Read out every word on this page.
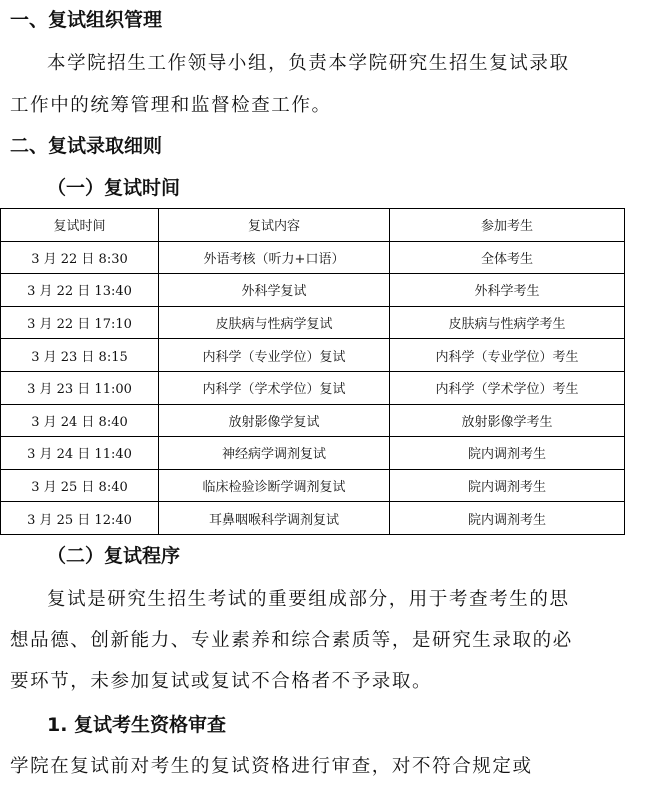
一、复试组织管理
本学院招生工作领导小组，负责本学院研究生招生复试录取
工作中的统筹管理和监督检查工作。
二、复试录取细则
（一）复试时间
复试时间	复试内容	参加考生
3 月 22 日 8:30	外语考核（听力+口语）	全体考生
3 月 22 日 13:40	外科学复试	外科学考生
3 月 22 日 17:10	皮肤病与性病学复试	皮肤病与性病学考生
3 月 23 日 8:15	内科学（专业学位）复试	内科学（专业学位）考生
3 月 23 日 11:00	内科学（学术学位）复试	内科学（学术学位）考生
3 月 24 日 8:40	放射影像学复试	放射影像学考生
3 月 24 日 11:40	神经病学调剂复试	院内调剂考生
3 月 25 日 8:40	临床检验诊断学调剂复试	院内调剂考生
3 月 25 日 12:40	耳鼻咽喉科学调剂复试	院内调剂考生
（二）复试程序
复试是研究生招生考试的重要组成部分，用于考查考生的思
想品德、创新能力、专业素养和综合素质等，是研究生录取的必
要环节，未参加复试或复试不合格者不予录取。
1. 复试考生资格审查
学院在复试前对考生的复试资格进行审查，对不符合规定或
